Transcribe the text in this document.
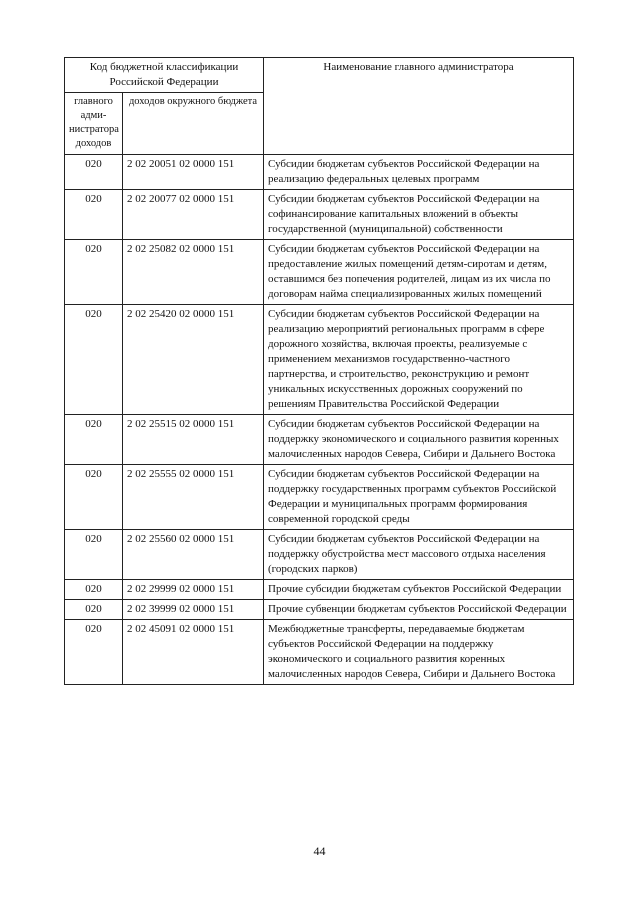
Код бюджетной классификации Российской Федерации		Наименование главного администратора
главного адми-нистратора доходов	доходов окружного бюджета	
020	2 02 20051 02 0000 151	Субсидии бюджетам субъектов Российской Федерации на реализацию федеральных целевых программ
020	2 02 20077 02 0000 151	Субсидии бюджетам субъектов Российской Федерации на софинансирование капитальных вложений в объекты государственной (муниципальной) собственности
020	2 02 25082 02 0000 151	Субсидии бюджетам субъектов Российской Федерации на предоставление жилых помещений детям-сиротам и детям, оставшимся без попечения родителей, лицам из их числа по договорам найма специализированных жилых помещений
020	2 02 25420 02 0000 151	Субсидии бюджетам субъектов Российской Федерации на реализацию мероприятий региональных программ в сфере дорожного хозяйства, включая проекты, реализуемые с применением механизмов государственно-частного партнерства, и строительство, реконструкцию и ремонт уникальных искусственных дорожных сооружений по решениям Правительства Российской Федерации
020	2 02 25515 02 0000 151	Субсидии бюджетам субъектов Российской Федерации на поддержку экономического и социального развития коренных малочисленных народов Севера, Сибири и Дальнего Востока
020	2 02 25555 02 0000 151	Субсидии бюджетам субъектов Российской Федерации на поддержку государственных программ субъектов Российской Федерации и муниципальных программ формирования современной городской среды
020	2 02 25560 02 0000 151	Субсидии бюджетам субъектов Российской Федерации на поддержку обустройства мест массового отдыха населения (городских парков)
020	2 02 29999 02 0000 151	Прочие субсидии бюджетам субъектов Российской Федерации
020	2 02 39999 02 0000 151	Прочие субвенции бюджетам субъектов Российской Федерации
020	2 02 45091 02 0000 151	Межбюджетные трансферты, передаваемые бюджетам субъектов Российской Федерации на поддержку экономического и социального развития коренных малочисленных народов Севера, Сибири и Дальнего Востока
44
